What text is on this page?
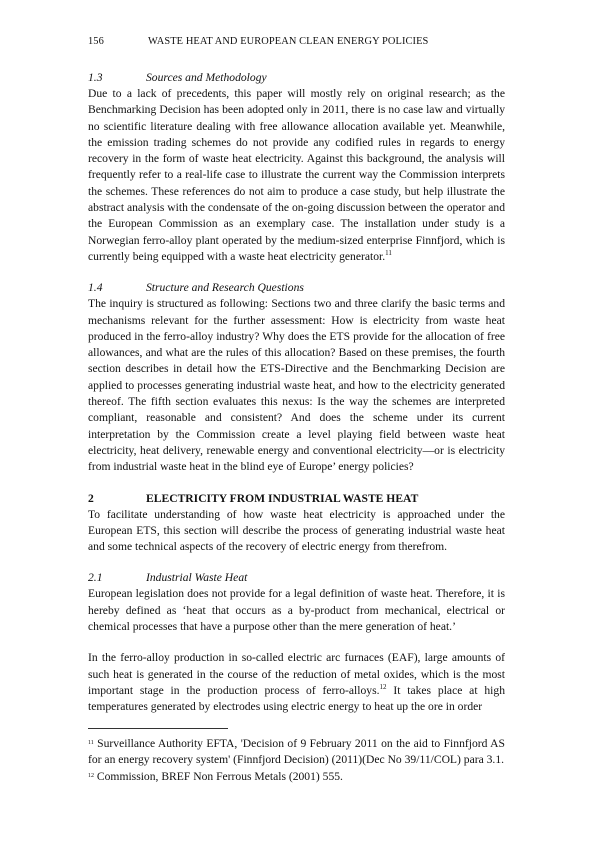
156	WASTE HEAT AND EUROPEAN CLEAN ENERGY POLICIES
1.3	Sources and Methodology

Due to a lack of precedents, this paper will mostly rely on original research; as the Benchmarking Decision has been adopted only in 2011, there is no case law and virtually no scientific literature dealing with free allowance allocation available yet. Meanwhile, the emission trading schemes do not provide any codified rules in regards to energy recovery in the form of waste heat electricity. Against this background, the analysis will frequently refer to a real-life case to illustrate the current way the Commission interprets the schemes. These references do not aim to produce a case study, but help illustrate the abstract analysis with the condensate of the on-going discussion between the operator and the European Commission as an exemplary case. The installation under study is a Norwegian ferro-alloy plant operated by the medium-sized enterprise Finnfjord, which is currently being equipped with a waste heat electricity generator.$^{11}$

1.4	Structure and Research Questions

The inquiry is structured as following: Sections two and three clarify the basic terms and mechanisms relevant for the further assessment: How is electricity from waste heat produced in the ferro-alloy industry? Why does the ETS provide for the allocation of free allowances, and what are the rules of this allocation? Based on these premises, the fourth section describes in detail how the ETS-Directive and the Benchmarking Decision are applied to processes generating industrial waste heat, and how to the electricity generated thereof. The fifth section evaluates this nexus: Is the way the schemes are interpreted compliant, reasonable and consistent? And does the scheme under its current interpretation by the Commission create a level playing field between waste heat electricity, heat delivery, renewable energy and conventional electricity—or is electricity from industrial waste heat in the blind eye of Europe’ energy policies?

2	ELECTRICITY FROM INDUSTRIAL WASTE HEAT

To facilitate understanding of how waste heat electricity is approached under the European ETS, this section will describe the process of generating industrial waste heat and some technical aspects of the recovery of electric energy from therefrom.

2.1	Industrial Waste Heat

European legislation does not provide for a legal definition of waste heat. Therefore, it is hereby defined as ‘heat that occurs as a by-product from mechanical, electrical or chemical processes that have a purpose other than the mere generation of heat.’

In the ferro-alloy production in so-called electric arc furnaces (EAF), large amounts of such heat is generated in the course of the reduction of metal oxides, which is the most important stage in the production process of ferro-alloys.$^{12}$ It takes place at high temperatures generated by electrodes using electric energy to heat up the ore in order

$^{11}$ Surveillance Authority EFTA, 'Decision of 9 February 2011 on the aid to Finnfjord AS for an energy recovery system' (Finnfjord Decision) (2011)(Dec No 39/11/COL) para 3.1.

$^{12}$ Commission, BREF Non Ferrous Metals (2001) 555.
